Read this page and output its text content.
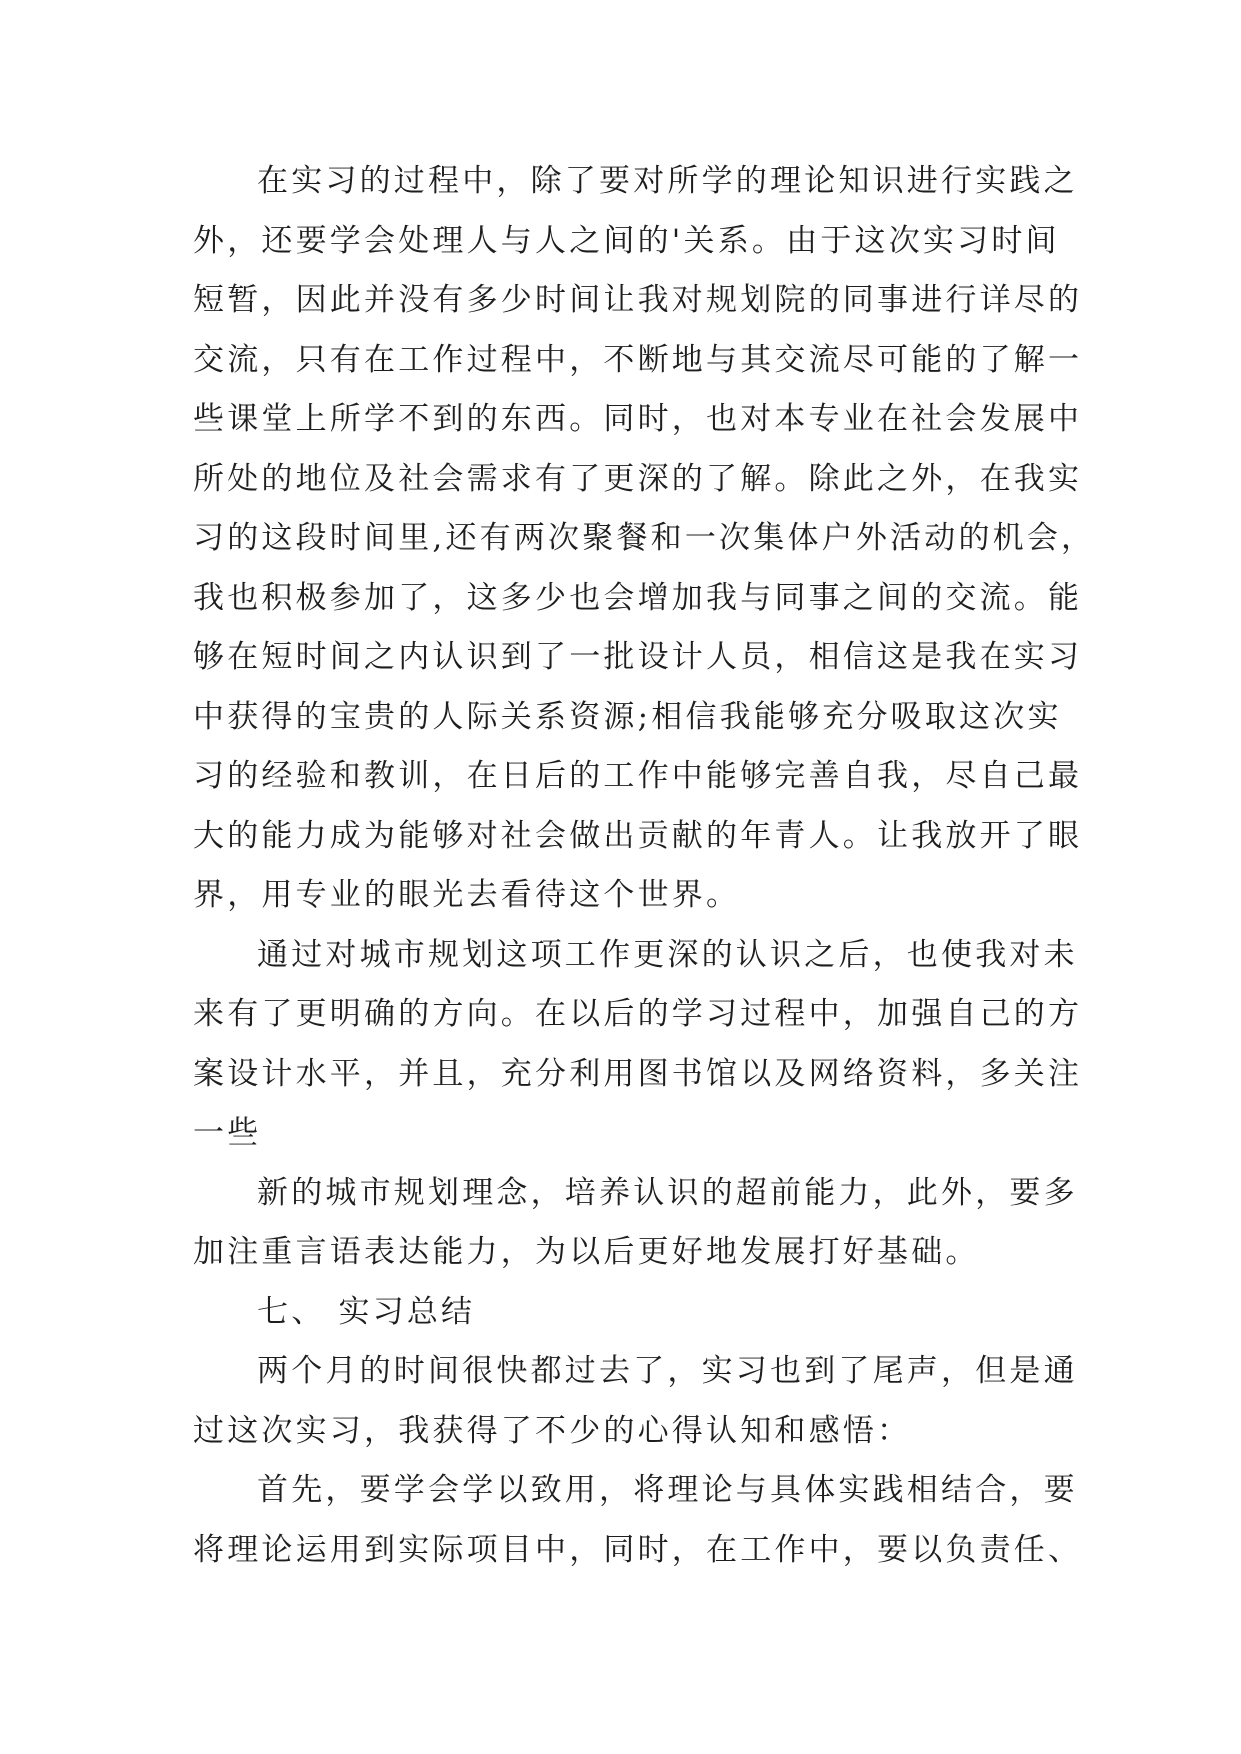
在实习的过程中，除了要对所学的理论知识进行实践之
外，还要学会处理人与人之间的'关系。由于这次实习时间
短暂，因此并没有多少时间让我对规划院的同事进行详尽的
交流，只有在工作过程中，不断地与其交流尽可能的了解一
些课堂上所学不到的东西。同时，也对本专业在社会发展中
所处的地位及社会需求有了更深的了解。除此之外，在我实
习的这段时间里,还有两次聚餐和一次集体户外活动的机会，
我也积极参加了，这多少也会增加我与同事之间的交流。能
够在短时间之内认识到了一批设计人员，相信这是我在实习
中获得的宝贵的人际关系资源;相信我能够充分吸取这次实
习的经验和教训，在日后的工作中能够完善自我，尽自己最
大的能力成为能够对社会做出贡献的年青人。让我放开了眼
界，用专业的眼光去看待这个世界。
通过对城市规划这项工作更深的认识之后，也使我对未
来有了更明确的方向。在以后的学习过程中，加强自己的方
案设计水平，并且，充分利用图书馆以及网络资料，多关注
一些
新的城市规划理念，培养认识的超前能力，此外，要多
加注重言语表达能力，为以后更好地发展打好基础。
七、 实习总结
两个月的时间很快都过去了，实习也到了尾声，但是通
过这次实习，我获得了不少的心得认知和感悟：
首先，要学会学以致用，将理论与具体实践相结合，要
将理论运用到实际项目中，同时，在工作中，要以负责任、
